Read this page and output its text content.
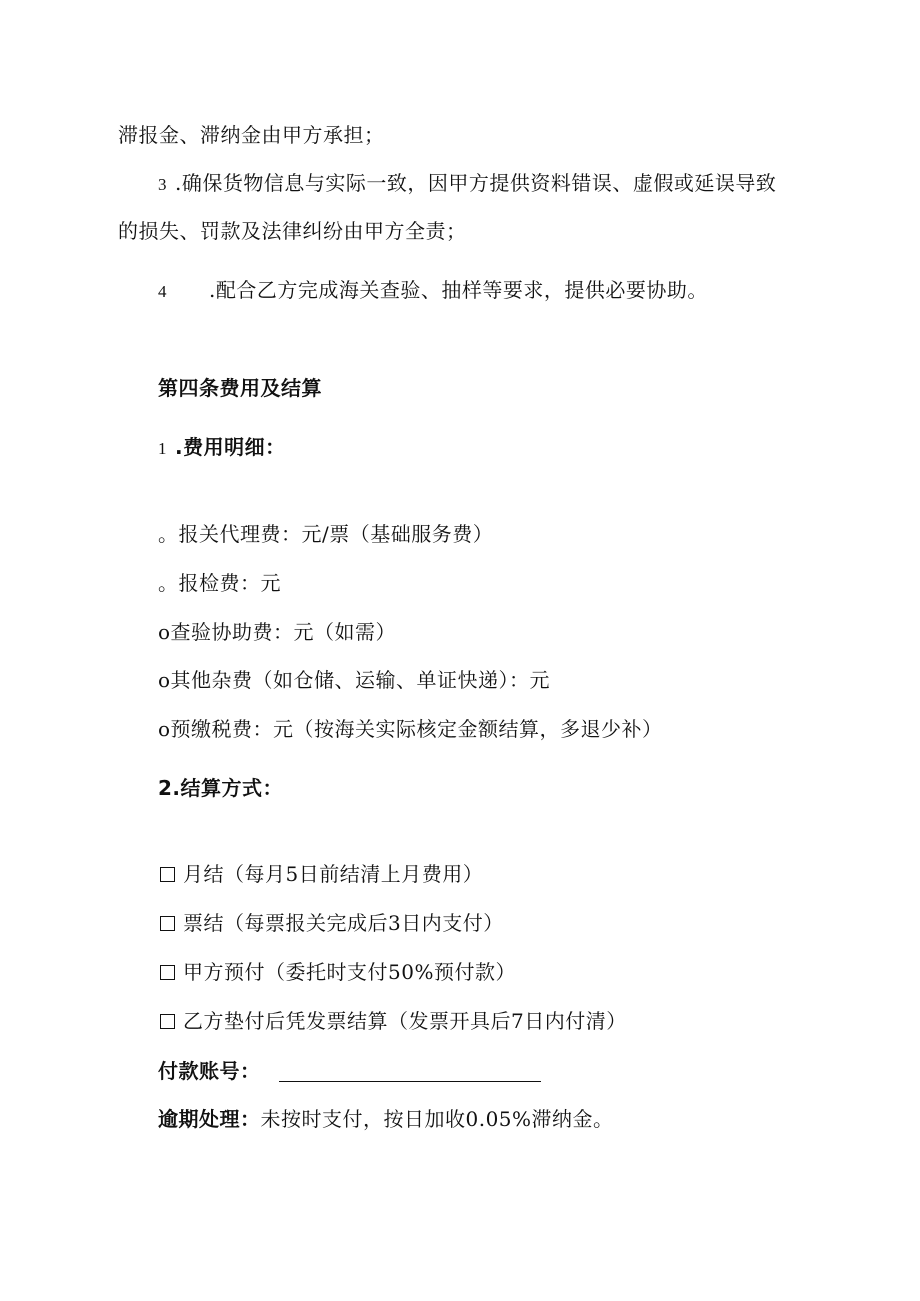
滞报金、滞纳金由甲方承担；
3 .确保货物信息与实际一致，因甲方提供资料错误、虚假或延误导致
的损失、罚款及法律纠纷由甲方全责；
4 .配合乙方完成海关查验、抽样等要求，提供必要协助。
第四条费用及结算
1 .费用明细：
。报关代理费：元/票（基础服务费）
。报检费：元
o查验协助费：元（如需）
o其他杂费（如仓储、运输、单证快递）：元
o预缴税费：元（按海关实际核定金额结算，多退少补）
2.结算方式：
月结（每月5日前结清上月费用）
票结（每票报关完成后3日内支付）
甲方预付（委托时支付50%预付款）
乙方垫付后凭发票结算（发票开具后7日内付清）
付款账号：
逾期处理：未按时支付，按日加收0.05%滞纳金。
